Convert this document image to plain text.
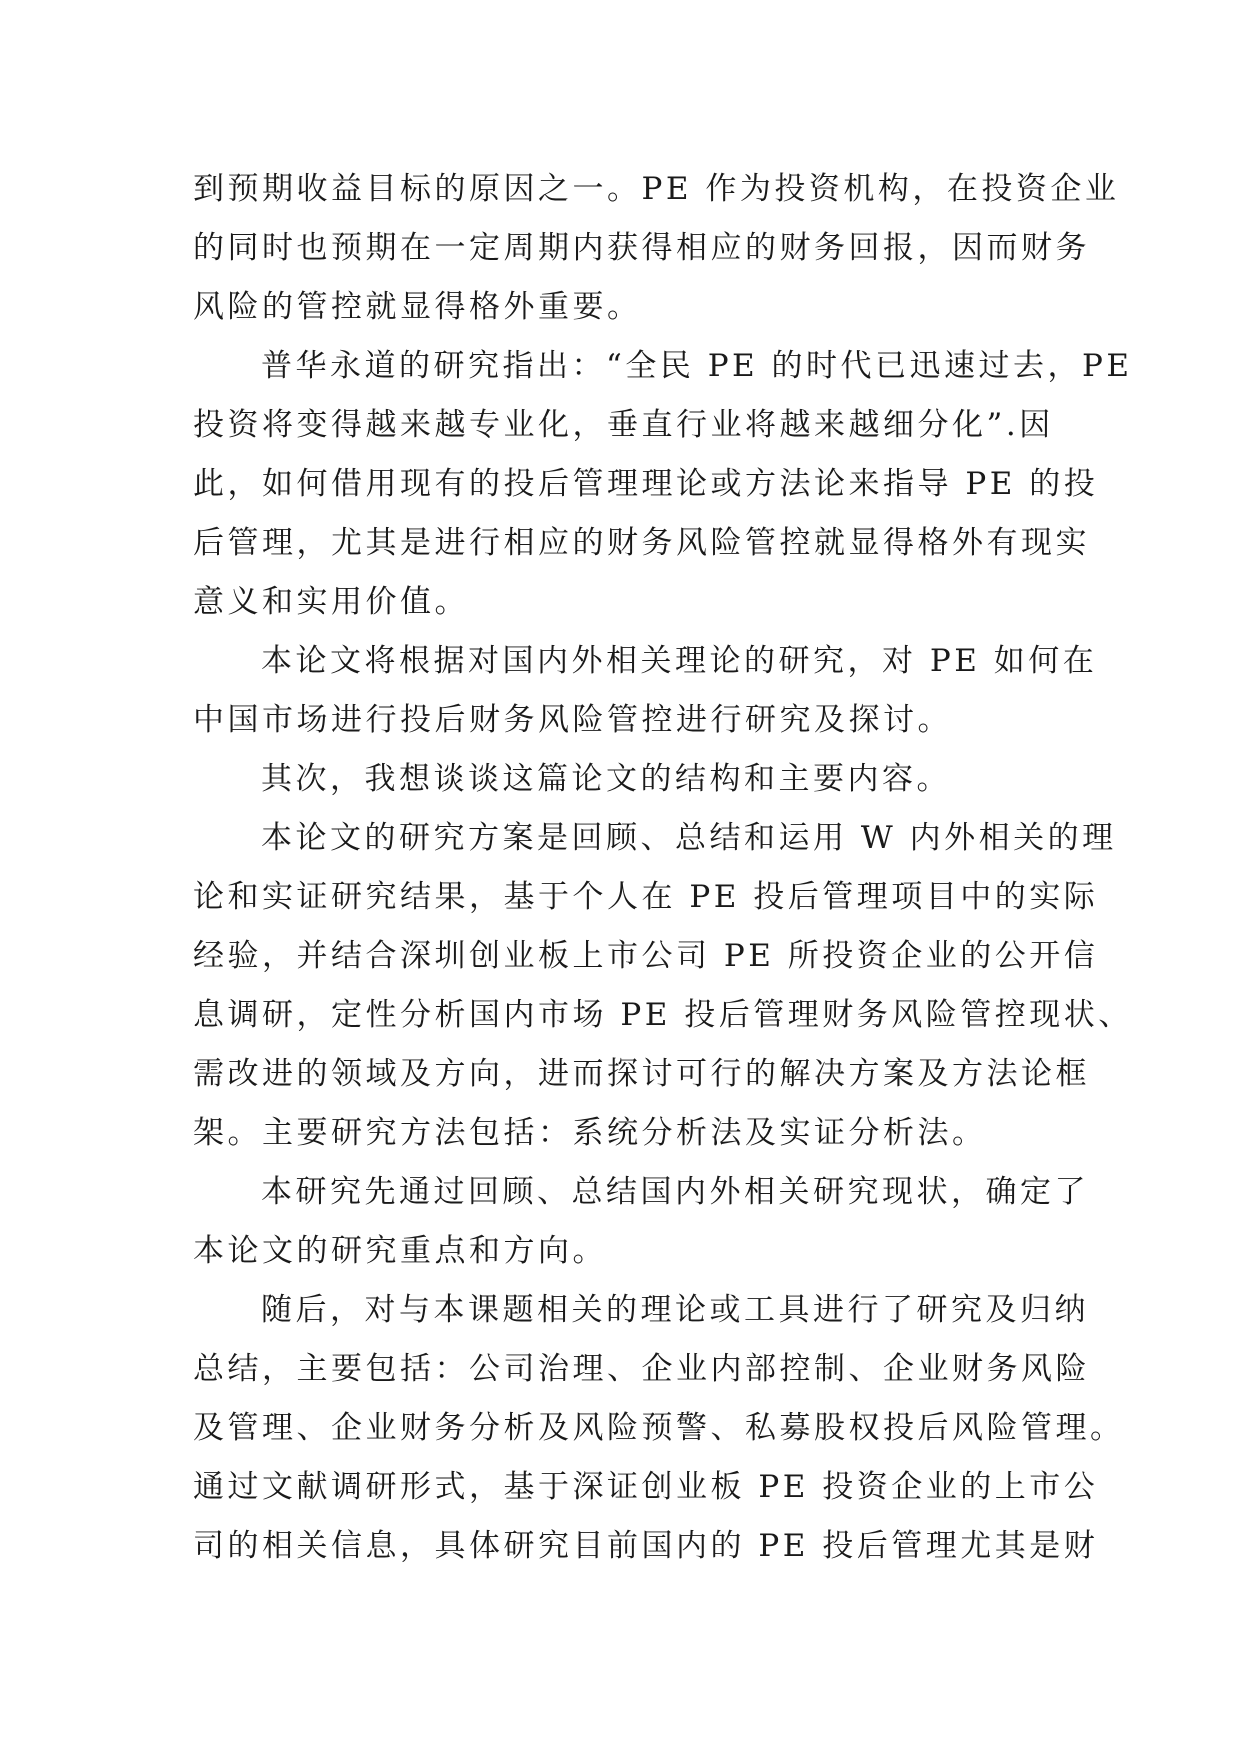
到预期收益目标的原因之一。PE 作为投资机构，在投资企业
的同时也预期在一定周期内获得相应的财务回报，因而财务
风险的管控就显得格外重要。
普华永道的研究指出：“全民 PE 的时代已迅速过去，PE
投资将变得越来越专业化，垂直行业将越来越细分化”.因
此，如何借用现有的投后管理理论或方法论来指导 PE 的投
后管理，尤其是进行相应的财务风险管控就显得格外有现实
意义和实用价值。
本论文将根据对国内外相关理论的研究，对 PE 如何在
中国市场进行投后财务风险管控进行研究及探讨。
其次，我想谈谈这篇论文的结构和主要内容。
本论文的研究方案是回顾、总结和运用 W 内外相关的理
论和实证研究结果，基于个人在 PE 投后管理项目中的实际
经验，并结合深圳创业板上市公司 PE 所投资企业的公开信
息调研，定性分析国内市场 PE 投后管理财务风险管控现状、
需改进的领域及方向，进而探讨可行的解决方案及方法论框
架。主要研究方法包括：系统分析法及实证分析法。
本研究先通过回顾、总结国内外相关研究现状，确定了
本论文的研究重点和方向。
随后，对与本课题相关的理论或工具进行了研究及归纳
总结，主要包括：公司治理、企业内部控制、企业财务风险
及管理、企业财务分析及风险预警、私募股权投后风险管理。
通过文献调研形式，基于深证创业板 PE 投资企业的上市公
司的相关信息，具体研究目前国内的 PE 投后管理尤其是财
